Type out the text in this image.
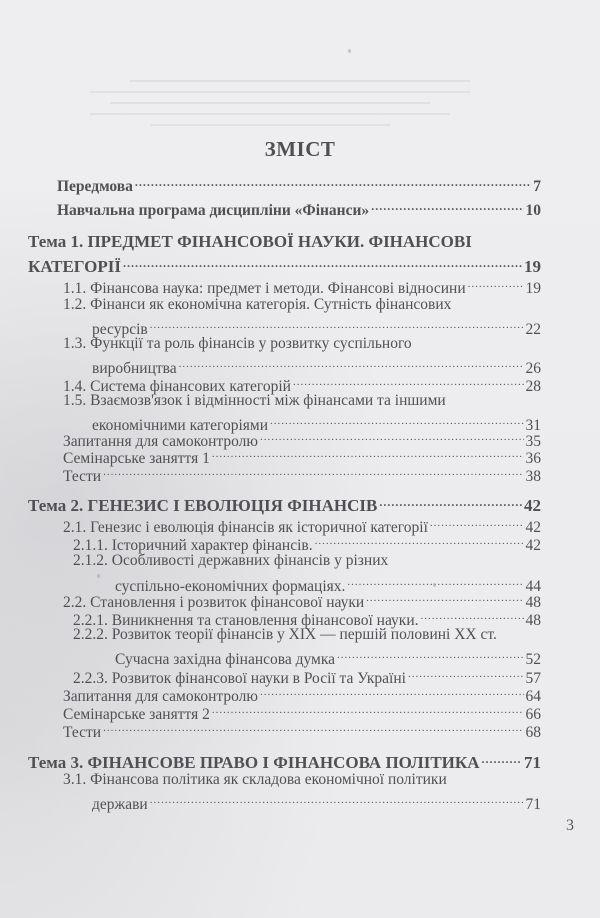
ЗМІСТ
Передмова .....	7
Навчальна програма дисципліни «Фінанси» .....	10
Тема 1. ПРЕДМЕТ ФІНАНСОВОЇ НАУКИ. ФІНАНСОВІ
КАТЕГОРІЇ .....	19
1.1. Фінансова наука: предмет і методи. Фінансові відносини .....	19
1.2. Фінанси як економічна категорія. Сутність фінансових
ресурсів .....	22
1.3. Функції та роль фінансів у розвитку суспільного
виробництва .....	26
1.4. Система фінансових категорій .....	28
1.5. Взаємозв'язок і відмінності між фінансами та іншими
економічними категоріями .....	31
Запитання для самоконтролю .....	35
Семінарське заняття 1 .....	36
Тести .....	38
Тема 2. ГЕНЕЗИС І ЕВОЛЮЦІЯ ФІНАНСІВ .....	42
2.1. Генезис і еволюція фінансів як історичної категорії .....	42
2.1.1. Історичний характер фінансів. .....	42
2.1.2. Особливості державних фінансів у різних
суспільно-економічних формаціях. .....	44
2.2. Становлення і розвиток фінансової науки .....	48
2.2.1. Виникнення та становлення фінансової науки. .....	48
2.2.2. Розвиток теорії фінансів у XIX — першій половині XX ст.
Сучасна західна фінансова думка .....	52
2.2.3. Розвиток фінансової науки в Росії та Україні .....	57
Запитання для самоконтролю .....	64
Семінарське заняття 2 .....	66
Тести .....	68
Тема 3. ФІНАНСОВЕ ПРАВО І ФІНАНСОВА ПОЛІТИКА .....	71
3.1. Фінансова політика як складова економічної політики
держави .....	71
3
